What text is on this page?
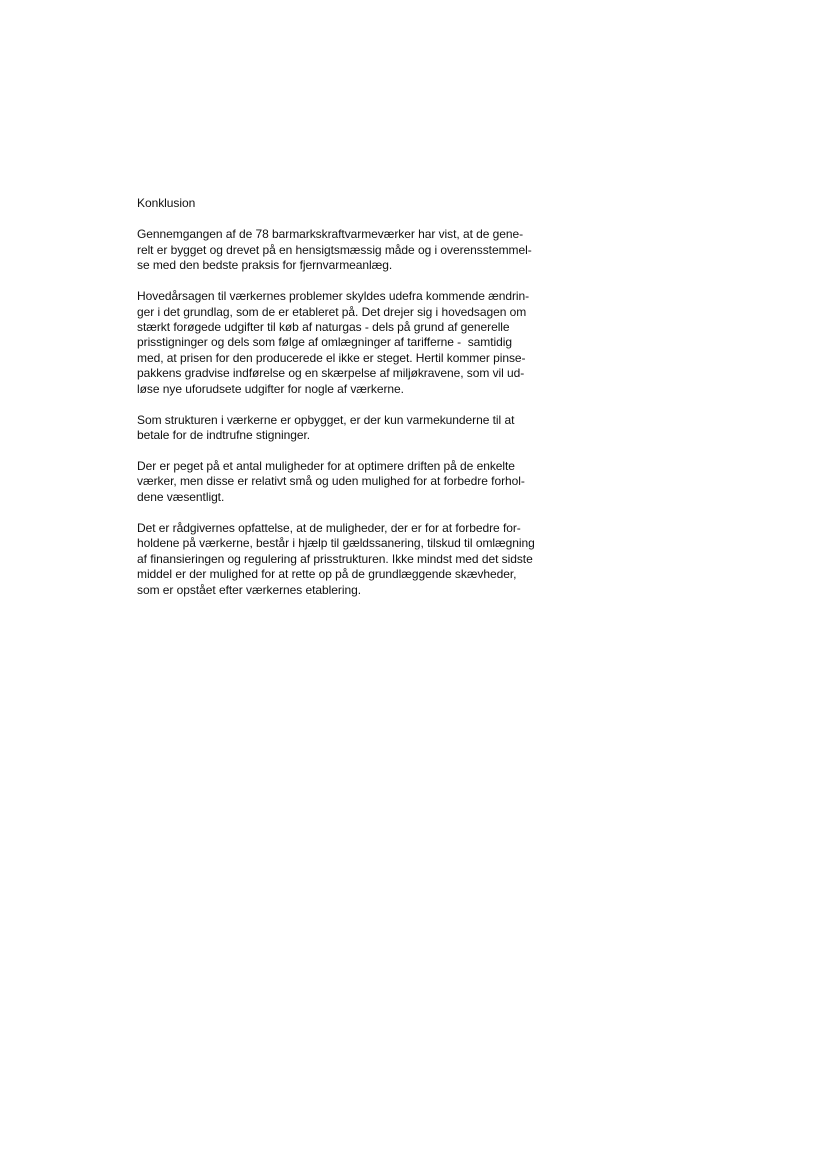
Konklusion
Gennemgangen af de 78 barmarkskraftvarmeværker har vist, at de gene-
relt er bygget og drevet på en hensigtsmæssig måde og i overensstemmel-
se med den bedste praksis for fjernvarmeanlæg.
Hovedårsagen til værkernes problemer skyldes udefra kommende ændrin-
ger i det grundlag, som de er etableret på. Det drejer sig i hovedsagen om
stærkt forøgede udgifter til køb af naturgas - dels på grund af generelle
prisstigninger og dels som følge af omlægninger af tarifferne -  samtidig
med, at prisen for den producerede el ikke er steget. Hertil kommer pinse-
pakkens gradvise indførelse og en skærpelse af miljøkravene, som vil ud-
løse nye uforudsete udgifter for nogle af værkerne.
Som strukturen i værkerne er opbygget, er der kun varmekunderne til at
betale for de indtrufne stigninger.
Der er peget på et antal muligheder for at optimere driften på de enkelte
værker, men disse er relativt små og uden mulighed for at forbedre forhol-
dene væsentligt.
Det er rådgivernes opfattelse, at de muligheder, der er for at forbedre for-
holdene på værkerne, består i hjælp til gældssanering, tilskud til omlægning
af finansieringen og regulering af prisstrukturen. Ikke mindst med det sidste
middel er der mulighed for at rette op på de grundlæggende skævheder,
som er opstået efter værkernes etablering.
